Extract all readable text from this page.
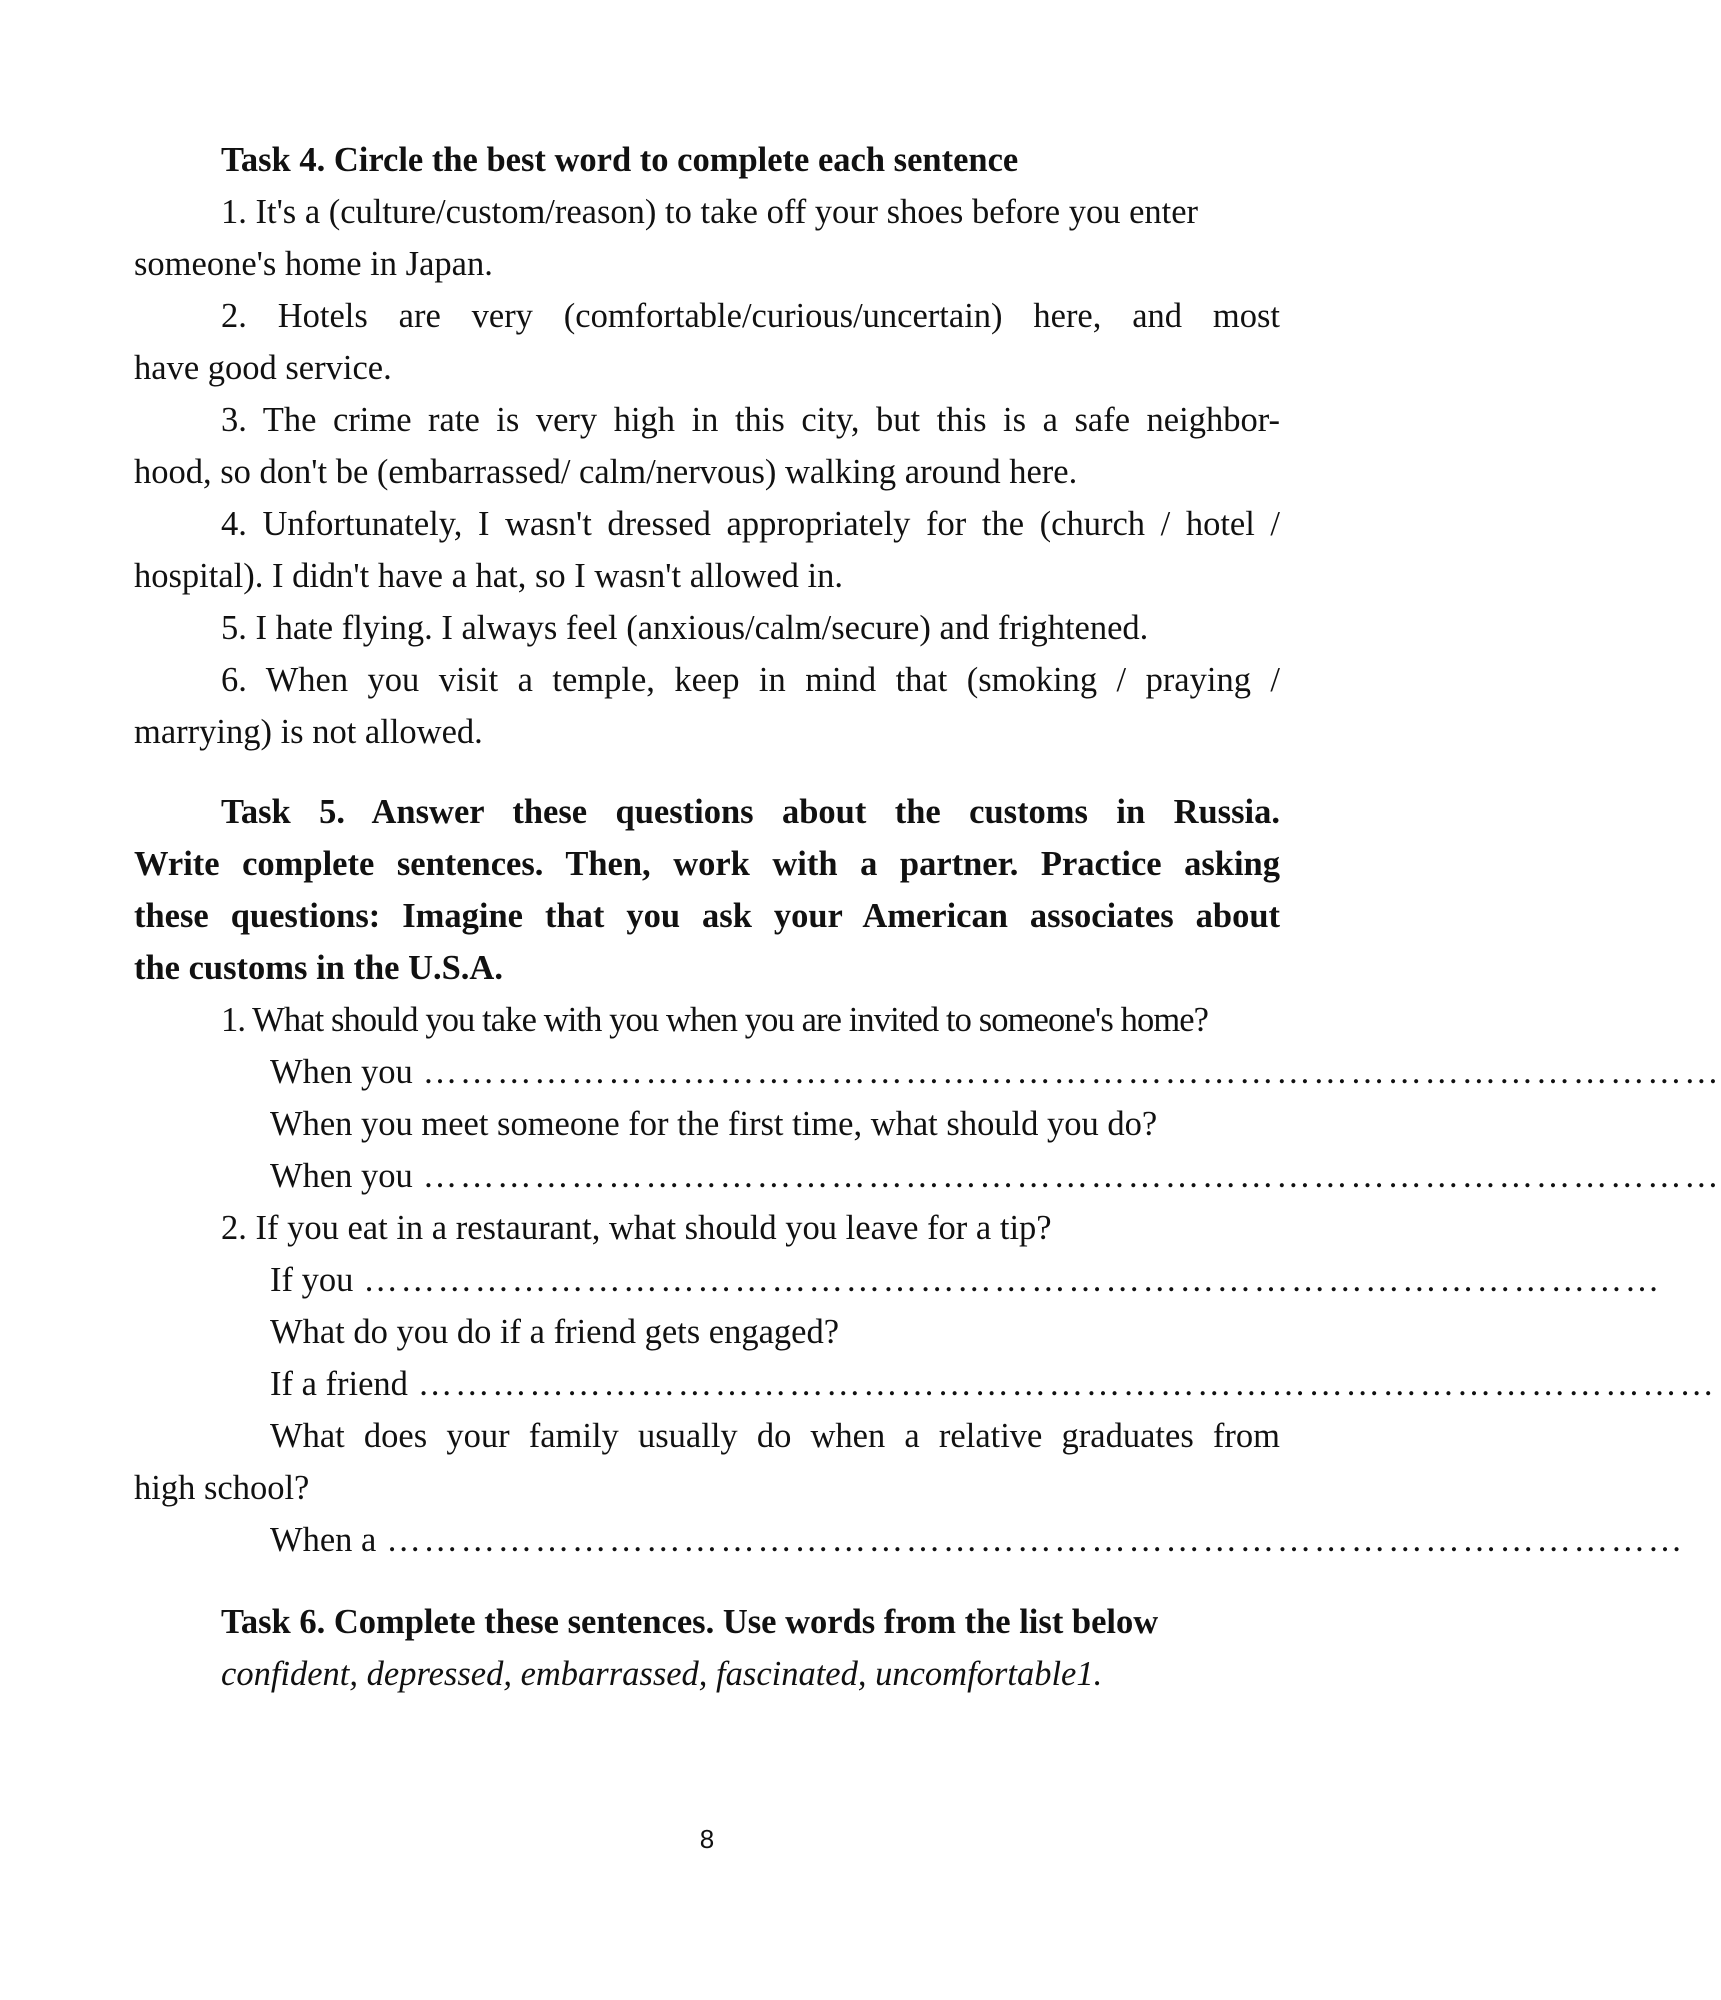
Task 4. Circle the best word to complete each sentence
1. It's a (culture/custom/reason) to take off your shoes before you enter
someone's home in Japan.
2. Hotels are very (comfortable/curious/uncertain) here, and most
have good service.
3. The crime rate is very high in this city, but this is a safe neighbor-
hood, so don't be (embarrassed/ calm/nervous) walking around here.
4. Unfortunately, I wasn't dressed appropriately for the (church / hotel /
hospital). I didn't have a hat, so I wasn't allowed in.
5. I hate flying. I always feel (anxious/calm/secure) and frightened.
6. When you visit a temple, keep in mind that (smoking / praying /
marrying) is not allowed.
Task 5. Answer these questions about the customs in Russia.
Write complete sentences. Then, work with a partner. Practice asking
these questions: Imagine that you ask your American associates about
the customs in the U.S.A.
1. What should you take with you when you are invited to someone's home?
When you ……………………………………………………………………………………………
When you meet someone for the first time, what should you do?
When you ……………………………………………………………………………………………
2. If you eat in a restaurant, what should you leave for a tip?
If you ……………………………………………………………………………………………
What do you do if a friend gets engaged?
If a friend ……………………………………………………………………………………………
What does your family usually do when a relative graduates from
high school?
When a ……………………………………………………………………………………………
Task 6. Complete these sentences. Use words from the list below
confident, depressed, embarrassed, fascinated, uncomfortable1.
8
